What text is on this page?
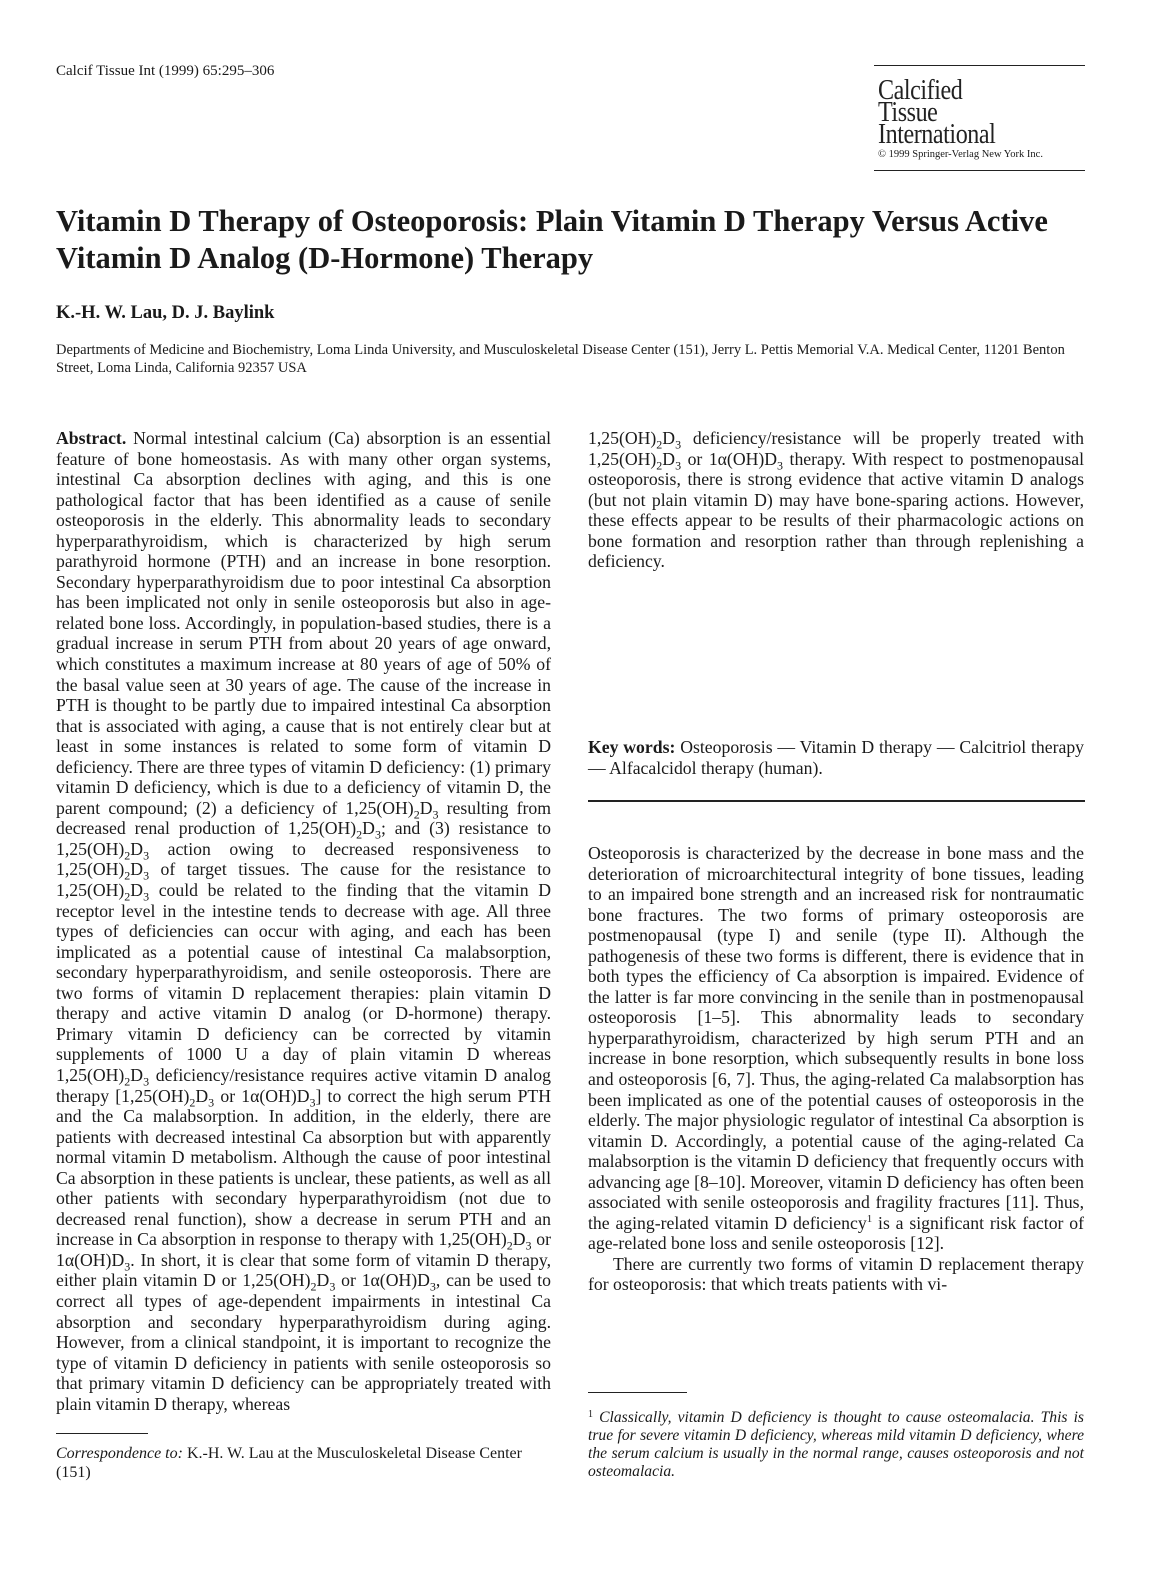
Calcif Tissue Int (1999) 65:295–306
Calcified
Tissue
International
© 1999 Springer-Verlag New York Inc.
Vitamin D Therapy of Osteoporosis: Plain Vitamin D Therapy Versus Active Vitamin D Analog (D-Hormone) Therapy
K.-H. W. Lau, D. J. Baylink
Departments of Medicine and Biochemistry, Loma Linda University, and Musculoskeletal Disease Center (151), Jerry L. Pettis Memorial V.A. Medical Center, 11201 Benton Street, Loma Linda, California 92357 USA

Abstract. Normal intestinal calcium (Ca) absorption is an essential feature of bone homeostasis. As with many other organ systems, intestinal Ca absorption declines with aging, and this is one pathological factor that has been identified as a cause of senile osteoporosis in the elderly. This abnormality leads to secondary hyperparathyroidism, which is characterized by high serum parathyroid hormone (PTH) and an increase in bone resorption. Secondary hyperparathyroidism due to poor intestinal Ca absorption has been implicated not only in senile osteoporosis but also in age-related bone loss. Accordingly, in population-based studies, there is a gradual increase in serum PTH from about 20 years of age onward, which constitutes a maximum increase at 80 years of age of 50% of the basal value seen at 30 years of age. The cause of the increase in PTH is thought to be partly due to impaired intestinal Ca absorption that is associated with aging, a cause that is not entirely clear but at least in some instances is related to some form of vitamin D deficiency. There are three types of vitamin D deficiency: (1) primary vitamin D deficiency, which is due to a deficiency of vitamin D, the parent compound; (2) a deficiency of $1,25(OH)_2D_3$ resulting from decreased renal production of $1,25(OH)_2D_3$; and (3) resistance to $1,25(OH)_2D_3$ action owing to decreased responsiveness to $1,25(OH)_2D_3$ of target tissues. The cause for the resistance to $1,25(OH)_2D_3$ could be related to the finding that the vitamin D receptor level in the intestine tends to decrease with age. All three types of deficiencies can occur with aging, and each has been implicated as a potential cause of intestinal Ca malabsorption, secondary hyperparathyroidism, and senile osteoporosis. There are two forms of vitamin D replacement therapies: plain vitamin D therapy and active vitamin D analog (or D-hormone) therapy. Primary vitamin D deficiency can be corrected by vitamin supplements of 1000 U a day of plain vitamin D whereas $1,25(OH)_2D_3$ deficiency/resistance requires active vitamin D analog therapy [$1,25(OH)_2D_3$ or $1\alpha(OH)D_3$] to correct the high serum PTH and the Ca malabsorption. In addition, in the elderly, there are patients with decreased intestinal Ca absorption but with apparently normal vitamin D metabolism. Although the cause of poor intestinal Ca absorption in these patients is unclear, these patients, as well as all other patients with secondary hyperparathyroidism (not due to decreased renal function), show a decrease in serum PTH and an increase in Ca absorption in response to therapy with $1,25(OH)_2D_3$ or $1\alpha(OH)D_3$. In short, it is clear that some form of vitamin D therapy, either plain vitamin D or $1,25(OH)_2D_3$ or $1\alpha(OH)D_3$, can be used to correct all types of age-dependent impairments in intestinal Ca absorption and secondary hyperparathyroidism during aging. However, from a clinical standpoint, it is important to recognize the type of vitamin D deficiency in patients with senile osteoporosis so that primary vitamin D deficiency can be appropriately treated with plain vitamin D therapy, whereas

$1,25(OH)_2D_3$ deficiency/resistance will be properly treated with $1,25(OH)_2D_3$ or $1\alpha(OH)D_3$ therapy. With respect to postmenopausal osteoporosis, there is strong evidence that active vitamin D analogs (but not plain vitamin D) may have bone-sparing actions. However, these effects appear to be results of their pharmacologic actions on bone formation and resorption rather than through replenishing a deficiency.

Key words: Osteoporosis — Vitamin D therapy — Calcitriol therapy — Alfacalcidol therapy (human).

Osteoporosis is characterized by the decrease in bone mass and the deterioration of microarchitectural integrity of bone tissues, leading to an impaired bone strength and an increased risk for nontraumatic bone fractures. The two forms of primary osteoporosis are postmenopausal (type I) and senile (type II). Although the pathogenesis of these two forms is different, there is evidence that in both types the efficiency of Ca absorption is impaired. Evidence of the latter is far more convincing in the senile than in postmenopausal osteoporosis [1–5]. This abnormality leads to secondary hyperparathyroidism, characterized by high serum PTH and an increase in bone resorption, which subsequently results in bone loss and osteoporosis [6, 7]. Thus, the aging-related Ca malabsorption has been implicated as one of the potential causes of osteoporosis in the elderly. The major physiologic regulator of intestinal Ca absorption is vitamin D. Accordingly, a potential cause of the aging-related Ca malabsorption is the vitamin D deficiency that frequently occurs with advancing age [8–10]. Moreover, vitamin D deficiency has often been associated with senile osteoporosis and fragility fractures [11]. Thus, the aging-related vitamin D deficiency$^1$ is a significant risk factor of age-related bone loss and senile osteoporosis [12].

There are currently two forms of vitamin D replacement therapy for osteoporosis: that which treats patients with vi-

Correspondence to: K.-H. W. Lau at the Musculoskeletal Disease Center (151)
$^1$ Classically, vitamin D deficiency is thought to cause osteomalacia. This is true for severe vitamin D deficiency, whereas mild vitamin D deficiency, where the serum calcium is usually in the normal range, causes osteoporosis and not osteomalacia.
